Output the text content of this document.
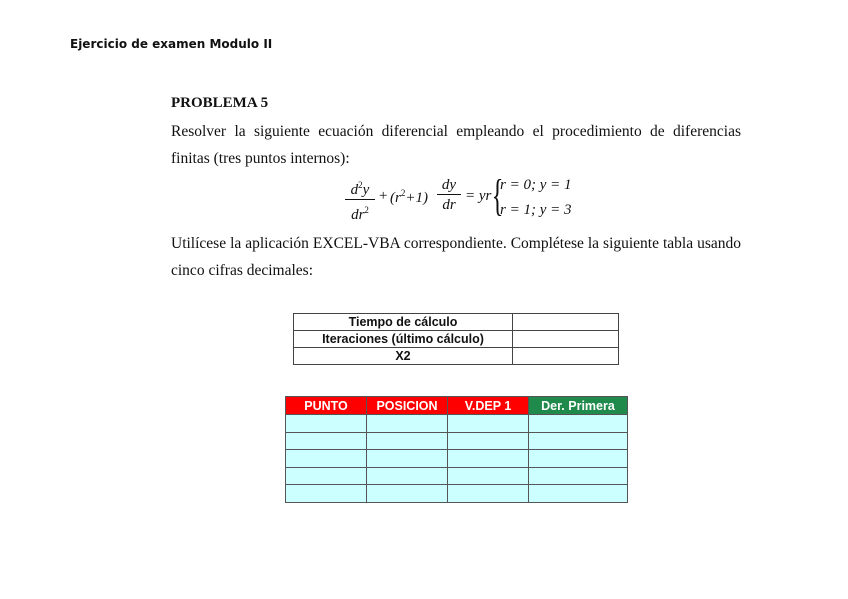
Ejercicio de examen Modulo II
PROBLEMA 5
Resolver la siguiente ecuación diferencial empleando el procedimiento de diferencias finitas (tres puntos internos):
$\frac{d^2y}{dr^2} + (r^2+1) \frac{dy}{dr}$ = yr {
r = 0; y = 1
r = 1; y = 3
Utilícese la aplicación EXCEL-VBA correspondiente. Complétese la siguiente tabla usando cinco cifras decimales:
Tiempo de cálculo	
Iteraciones (último cálculo)	
X2	
PUNTO	POSICION	V.DEP 1	Der. Primera
